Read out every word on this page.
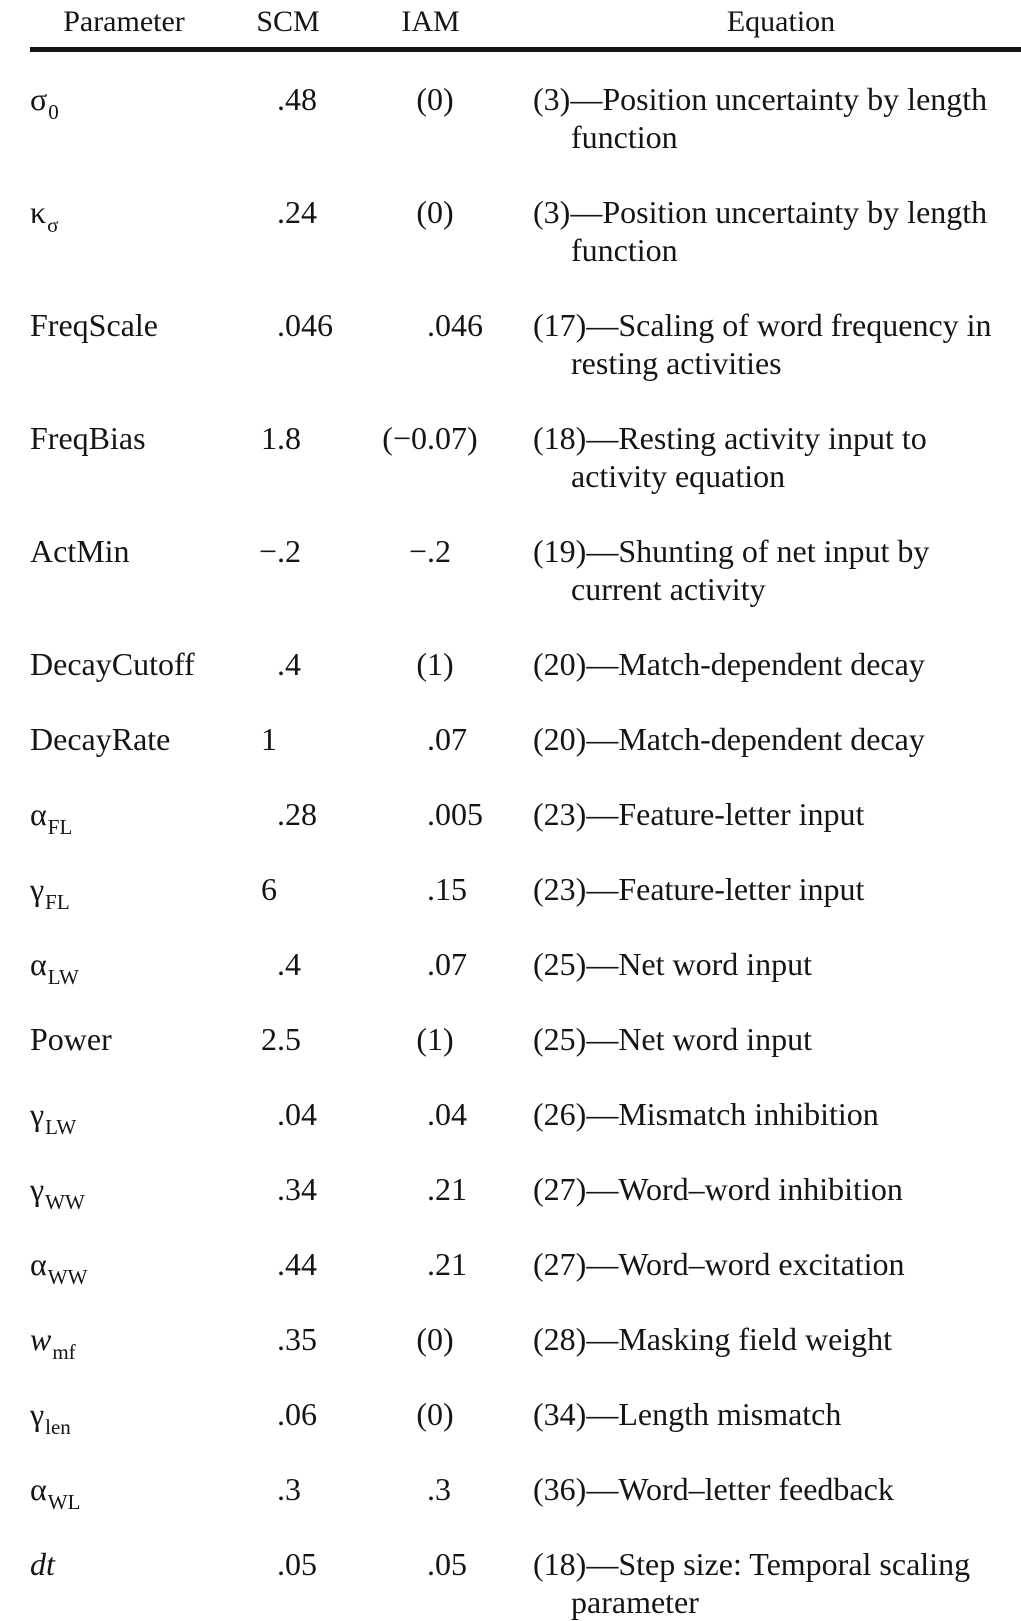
Parameter	SCM	IAM	Equation
σ0	.48	( 0)	(3)—Position uncertainty by length
function
κσ	.24	( 0)	(3)—Position uncertainty by length
function
FreqScale	.046	.046	(17)—Scaling of word frequency in
resting activities
FreqBias	1 .8	(−0 .07)	(18)—Resting activity input to
activity equation
ActMin	− .2	− .2	(19)—Shunting of net input by
current activity
DecayCutoff	.4	( 1)	(20)—Match-dependent decay
DecayRate	1	.07	(20)—Match-dependent decay
αFL	.28	.005	(23)—Feature-letter input
γFL	6	.15	(23)—Feature-letter input
αLW	.4	.07	(25)—Net word input
Power	2 .5	( 1)	(25)—Net word input
γLW	.04	.04	(26)—Mismatch inhibition
γWW	.34	.21	(27)—Word–word inhibition
αWW	.44	.21	(27)—Word–word excitation
wmf	.35	( 0)	(28)—Masking field weight
γlen	.06	( 0)	(34)—Length mismatch
αWL	.3	.3	(36)—Word–letter feedback
dt	.05	.05	(18)—Step size: Temporal scaling
parameter
